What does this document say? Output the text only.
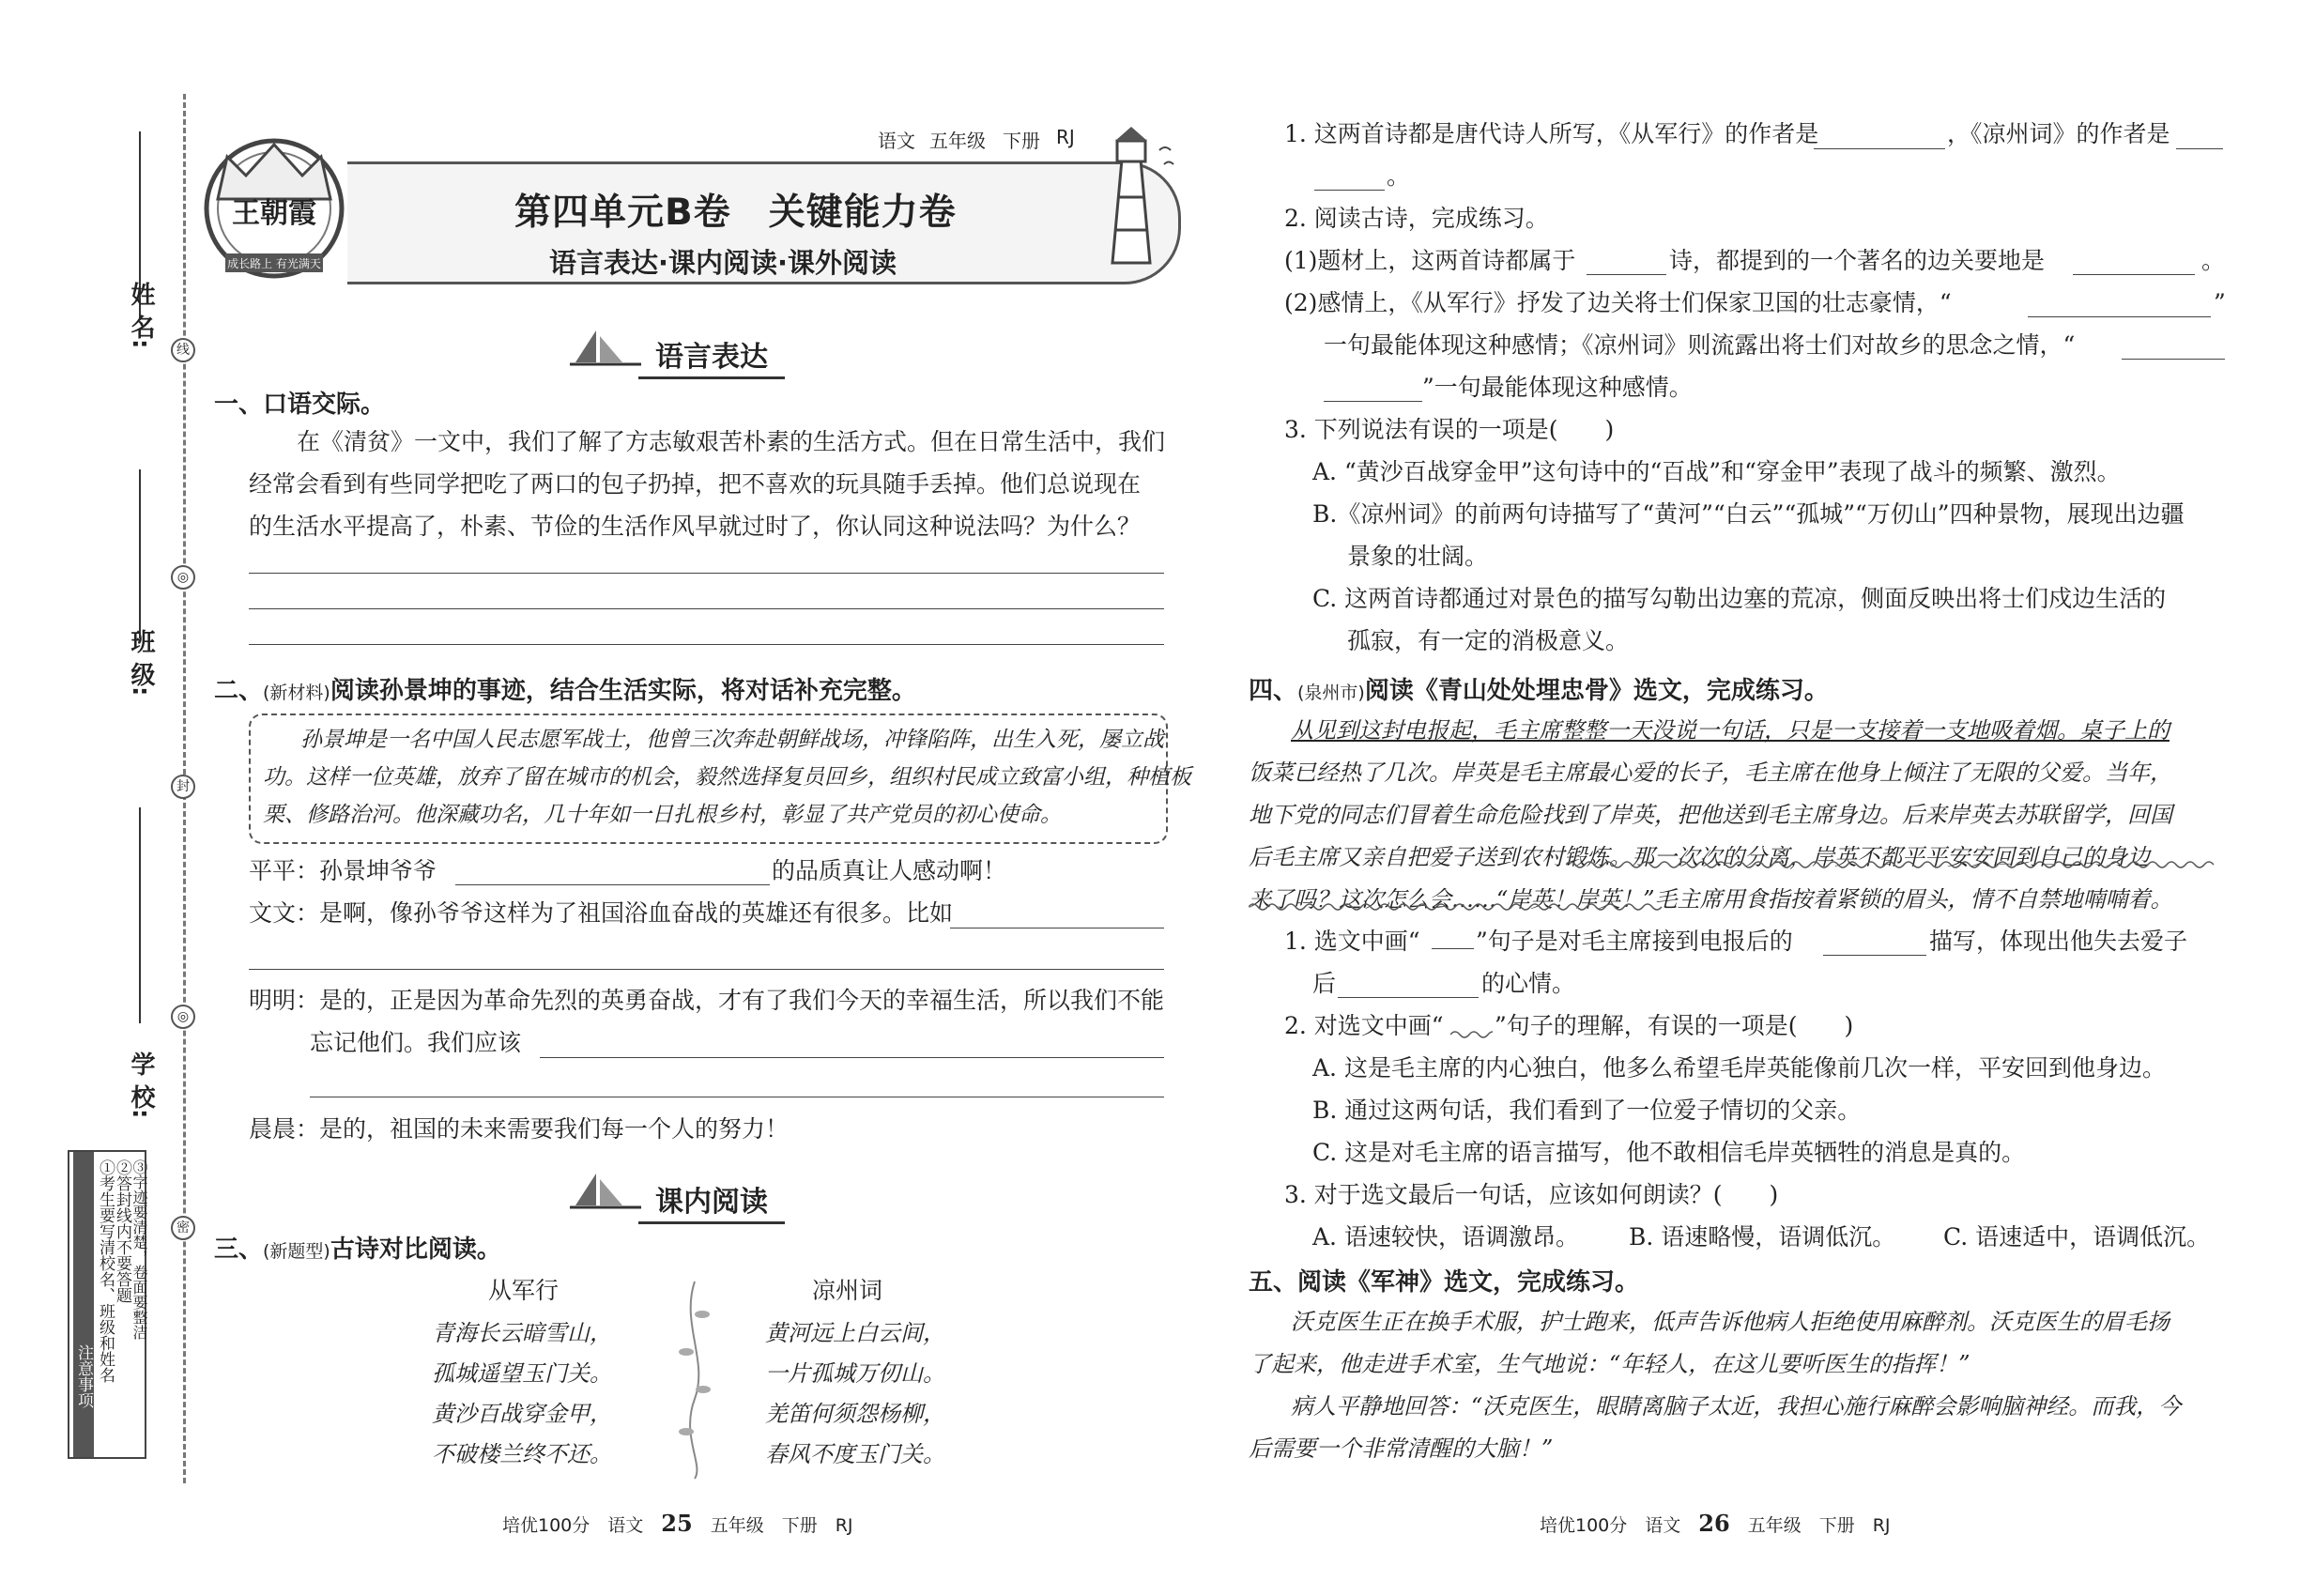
线
封
密
◎
◎
姓 名:
班 级:
学 校:
注意事项 ①考生要写清校名、班级和姓名
②答封线内不要答题 ③字迹要清楚，卷面要整洁
成长路上 有光满天
王朝霞
语文 五年级 下册 RJ
第四单元B卷　关键能力卷
语言表达·课内阅读·课外阅读
语言表达
一、口语交际。
在《清贫》一文中，我们了解了方志敏艰苦朴素的生活方式。但在日常生活中，我们
经常会看到有些同学把吃了两口的包子扔掉，把不喜欢的玩具随手丢掉。他们总说现在
的生活水平提高了，朴素、节俭的生活作风早就过时了，你认同这种说法吗？为什么？
二、(新材料)阅读孙景坤的事迹，结合生活实际，将对话补充完整。
孙景坤是一名中国人民志愿军战士，他曾三次奔赴朝鲜战场，冲锋陷阵，出生入死，屡立战
功。这样一位英雄，放弃了留在城市的机会，毅然选择复员回乡，组织村民成立致富小组，种植板
栗、修路治河。他深藏功名，几十年如一日扎根乡村，彰显了共产党员的初心使命。
平平：孙景坤爷爷	的品质真让人感动啊！
文文：是啊，像孙爷爷这样为了祖国浴血奋战的英雄还有很多。比如
明明：是的，正是因为革命先烈的英勇奋战，才有了我们今天的幸福生活，所以我们不能
忘记他们。我们应该
晨晨：是的，祖国的未来需要我们每一个人的努力！
课内阅读
三、(新题型)古诗对比阅读。
从军行
青海长云暗雪山，
孤城遥望玉门关。
黄沙百战穿金甲，
不破楼兰终不还。
凉州词
黄河远上白云间，
一片孤城万仞山。
羌笛何须怨杨柳，
春风不度玉门关。
培优100分　语文　 25　 五年级　下册　RJ
1. 这两首诗都是唐代诗人所写，《从军行》的作者是	，《凉州词》的作者是
。
2. 阅读古诗，完成练习。
(1)题材上，这两首诗都属于	诗，都提到的一个著名的边关要地是	。
(2)感情上，《从军行》抒发了边关将士们保家卫国的壮志豪情，“	”
一句最能体现这种感情；《凉州词》则流露出将士们对故乡的思念之情，“
”一句最能体现这种感情。
3. 下列说法有误的一项是(　　)
A. “黄沙百战穿金甲”这句诗中的“百战”和“穿金甲”表现了战斗的频繁、激烈。
B.《凉州词》的前两句诗描写了“黄河”“白云”“孤城”“万仞山”四种景物，展现出边疆
景象的壮阔。
C. 这两首诗都通过对景色的描写勾勒出边塞的荒凉，侧面反映出将士们戍边生活的
孤寂，有一定的消极意义。
四、(泉州市)阅读《青山处处埋忠骨》选文，完成练习。
从见到这封电报起，毛主席整整一天没说一句话，只是一支接着一支地吸着烟。桌子上的
饭菜已经热了几次。岸英是毛主席最心爱的长子，毛主席在他身上倾注了无限的父爱。当年，
地下党的同志们冒着生命危险找到了岸英，把他送到毛主席身边。后来岸英去苏联留学，回国
后毛主席又亲自把爱子送到农村锻炼。那一次次的分离，岸英不都平平安安回到自己的身边
来了吗？这次怎么会……“岸英！岸英！”毛主席用食指按着紧锁的眉头，情不自禁地喃喃着。
1. 选文中画“ ”句子是对毛主席接到电报后的	描写，体现出他失去爱子
后	的心情。
2. 对选文中画“ ”句子的理解，有误的一项是(　　)
A. 这是毛主席的内心独白，他多么希望毛岸英能像前几次一样，平安回到他身边。
B. 通过这两句话，我们看到了一位爱子情切的父亲。
C. 这是对毛主席的语言描写，他不敢相信毛岸英牺牲的消息是真的。
3. 对于选文最后一句话，应该如何朗读？(　　)
A. 语速较快，语调激昂。 B. 语速略慢，语调低沉。 C. 语速适中，语调低沉。
五、阅读《军神》选文，完成练习。
沃克医生正在换手术服，护士跑来，低声告诉他病人拒绝使用麻醉剂。沃克医生的眉毛扬
了起来，他走进手术室，生气地说：“年轻人，在这儿要听医生的指挥！”
病人平静地回答：“沃克医生，眼睛离脑子太近，我担心施行麻醉会影响脑神经。而我，今
后需要一个非常清醒的大脑！”
培优100分　语文　 26　 五年级　下册　RJ
